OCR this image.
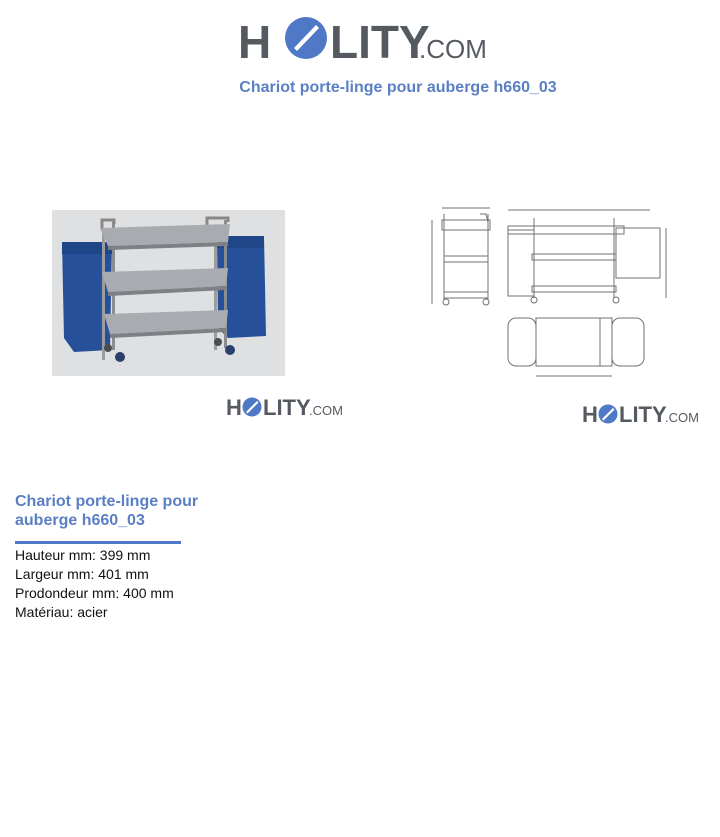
H LITY
.COM
Chariot porte-linge pour auberge h660_03
H LITY
.COM	H LITY
.COM
Chariot porte-linge pour auberge h660_03
Hauteur mm: 399 mm
Largeur mm: 401 mm
Prodondeur mm: 400 mm
Matériau: acier
